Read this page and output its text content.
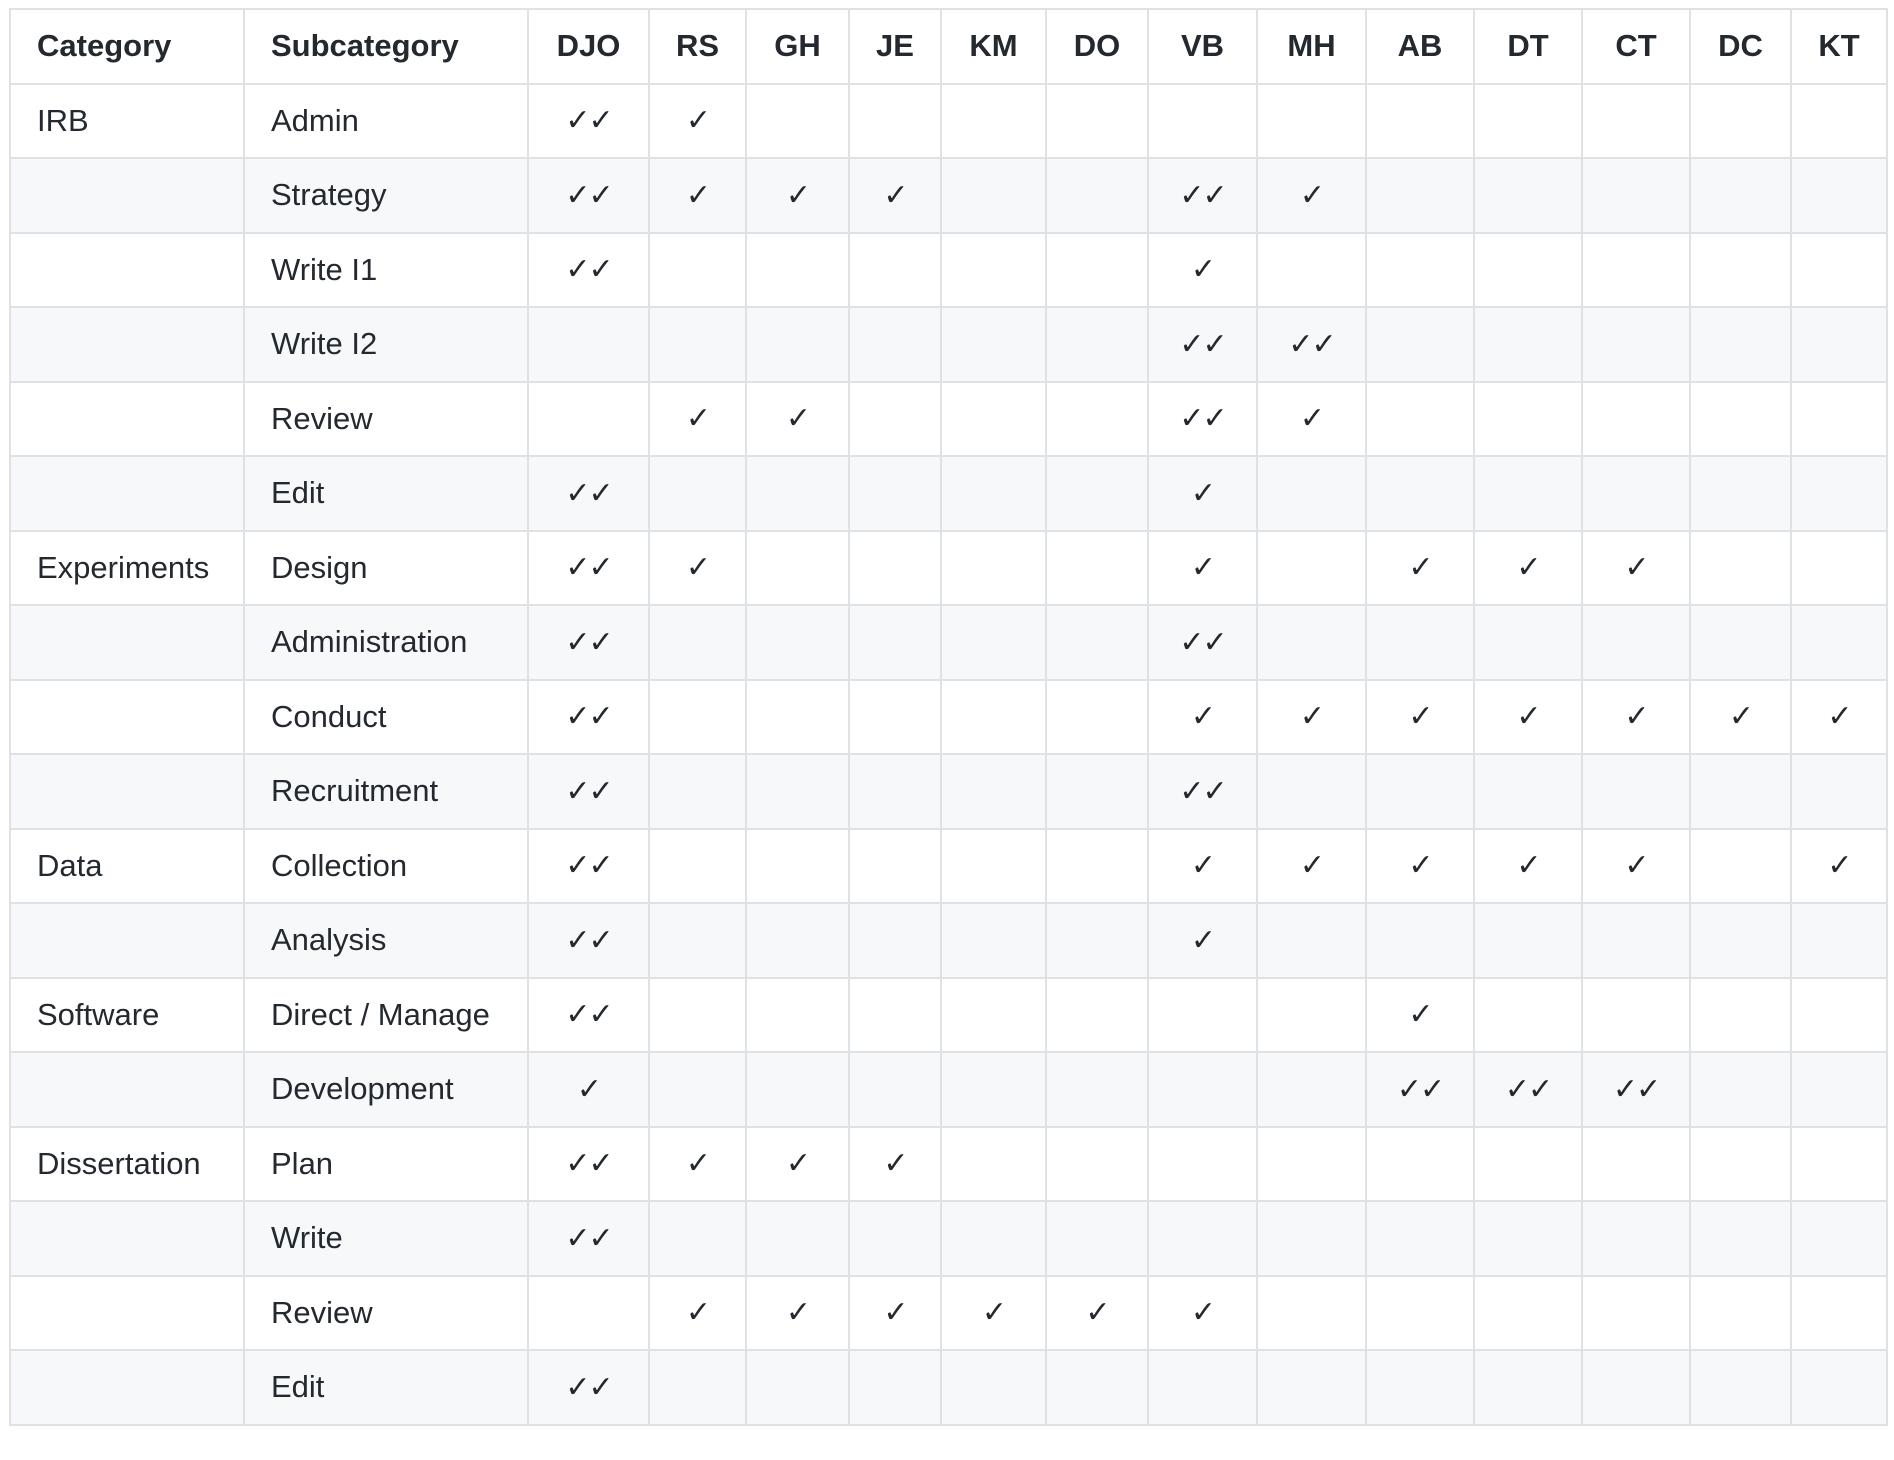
Category	Subcategory	DJO	RS	GH	JE	KM	DO	VB	MH	AB	DT	CT	DC	KT
IRB	Admin	✓✓	✓											
	Strategy	✓✓	✓	✓	✓			✓✓	✓					
	Write I1	✓✓						✓						
	Write I2							✓✓	✓✓					
	Review		✓	✓				✓✓	✓					
	Edit	✓✓						✓						
Experiments	Design	✓✓	✓					✓		✓	✓	✓		
	Administration	✓✓						✓✓						
	Conduct	✓✓						✓	✓	✓	✓	✓	✓	✓
	Recruitment	✓✓						✓✓						
Data	Collection	✓✓						✓	✓	✓	✓	✓		✓
	Analysis	✓✓						✓						
Software	Direct / Manage	✓✓								✓				
	Development	✓								✓✓	✓✓	✓✓		
Dissertation	Plan	✓✓	✓	✓	✓									
	Write	✓✓												
	Review		✓	✓	✓	✓	✓	✓						
	Edit	✓✓												
